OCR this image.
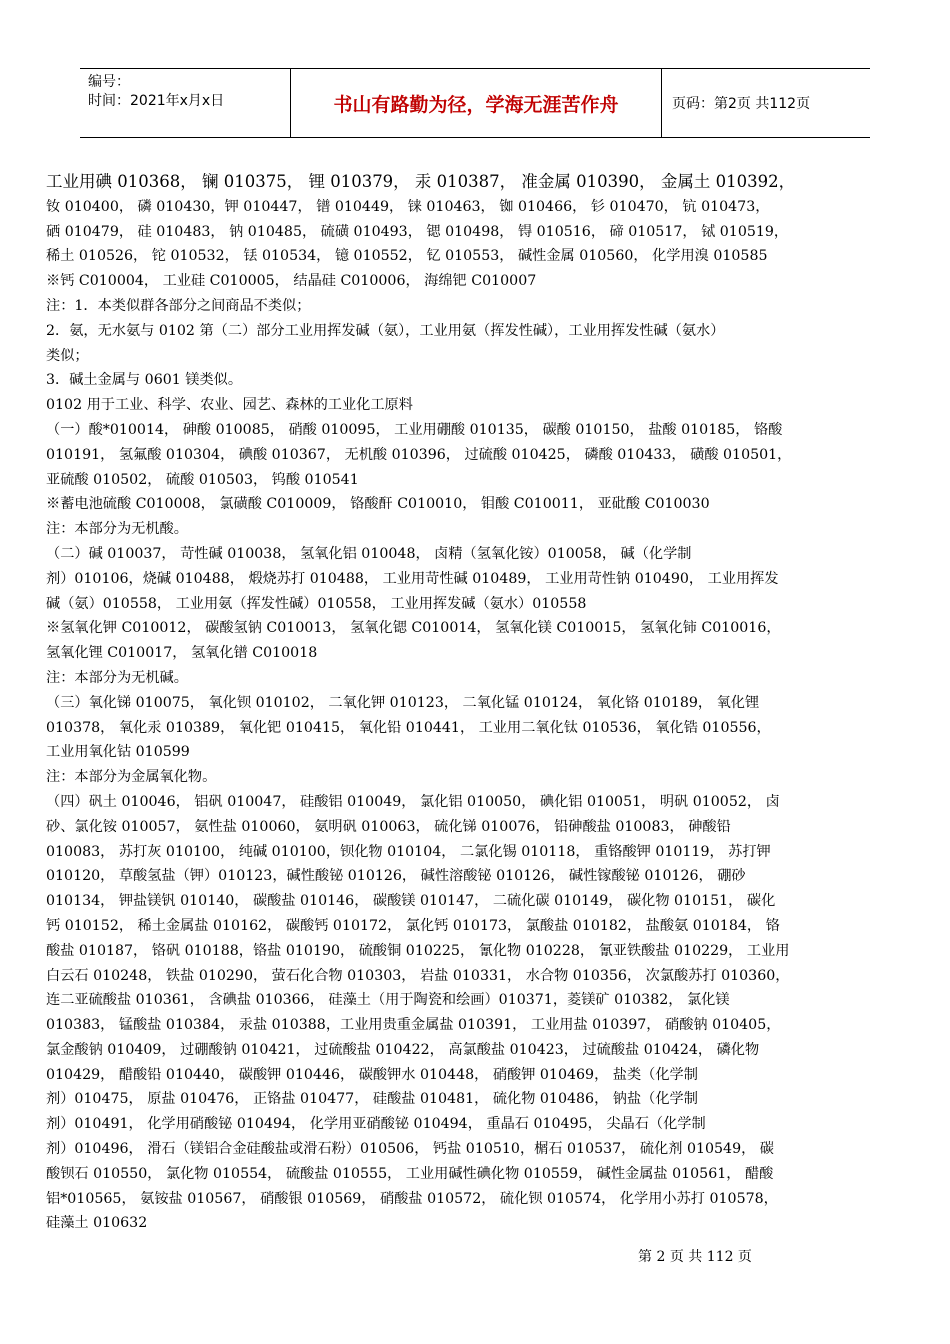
编号：
时间：2021年x月x日	书山有路勤为径，学海无涯苦作舟	页码：第2页 共112页
工业用碘 010368， 镧 010375， 锂 010379， 汞 010387， 准金属 010390， 金属土 010392，
钕 010400， 磷 010430，钾 010447， 镨 010449， 铼 010463， 铷 010466， 钐 010470， 钪 010473，
硒 010479， 硅 010483， 钠 010485， 硫磺 010493， 锶 010498， 锝 010516， 碲 010517， 铽 010519，
稀土 010526， 铊 010532， 铥 010534， 镱 010552， 钇 010553， 碱性金属 010560， 化学用溴 010585
※钙 C010004， 工业硅 C010005， 结晶硅 C010006， 海绵钯 C010007
注：1．本类似群各部分之间商品不类似；
2．氨，无水氨与 0102 第（二）部分工业用挥发碱（氨），工业用氨（挥发性碱），工业用挥发性碱（氨水）
类似；
3．碱土金属与 0601 镁类似。
0102 用于工业、科学、农业、园艺、森林的工业化工原料
（一）酸*010014， 砷酸 010085， 硝酸 010095， 工业用硼酸 010135， 碳酸 010150， 盐酸 010185， 铬酸
010191， 氢氟酸 010304， 碘酸 010367， 无机酸 010396， 过硫酸 010425， 磷酸 010433， 磺酸 010501，
亚硫酸 010502， 硫酸 010503， 钨酸 010541
※蓄电池硫酸 C010008， 氯磺酸 C010009， 铬酸酐 C010010， 钼酸 C010011， 亚砒酸 C010030
注：本部分为无机酸。
（二）碱 010037， 苛性碱 010038， 氢氧化铝 010048， 卤精（氢氧化铵）010058， 碱（化学制
剂）010106，烧碱 010488， 煅烧苏打 010488， 工业用苛性碱 010489， 工业用苛性钠 010490， 工业用挥发
碱（氨）010558， 工业用氨（挥发性碱）010558， 工业用挥发碱（氨水）010558
※氢氧化钾 C010012， 碳酸氢钠 C010013， 氢氧化锶 C010014， 氢氧化镁 C010015， 氢氧化铈 C010016，
氢氧化锂 C010017， 氢氧化镨 C010018
注：本部分为无机碱。
（三）氧化锑 010075， 氧化钡 010102， 二氧化钾 010123， 二氧化锰 010124， 氧化铬 010189， 氧化锂
010378， 氧化汞 010389， 氧化钯 010415， 氧化铅 010441， 工业用二氧化钛 010536， 氧化锆 010556，
工业用氧化钴 010599
注：本部分为金属氧化物。
（四）矾土 010046， 铝矾 010047， 硅酸铝 010049， 氯化铝 010050， 碘化铝 010051， 明矾 010052， 卤
砂、氯化铵 010057， 氨性盐 010060， 氨明矾 010063， 硫化锑 010076， 铅砷酸盐 010083， 砷酸铅
010083， 苏打灰 010100， 纯碱 010100，钡化物 010104， 二氯化锡 010118， 重铬酸钾 010119， 苏打钾
010120， 草酸氢盐（钾）010123，碱性酸铋 010126， 碱性溶酸铋 010126， 碱性镓酸铋 010126， 硼砂
010134， 钾盐镁钒 010140， 碳酸盐 010146， 碳酸镁 010147， 二硫化碳 010149， 碳化物 010151， 碳化
钙 010152， 稀土金属盐 010162， 碳酸钙 010172， 氯化钙 010173， 氯酸盐 010182， 盐酸氨 010184， 铬
酸盐 010187， 铬矾 010188，铬盐 010190， 硫酸铜 010225， 氰化物 010228， 氰亚铁酸盐 010229， 工业用
白云石 010248， 铁盐 010290， 萤石化合物 010303， 岩盐 010331， 水合物 010356， 次氯酸苏打 010360，
连二亚硫酸盐 010361， 含碘盐 010366， 硅藻土（用于陶瓷和绘画）010371，菱镁矿 010382， 氯化镁
010383， 锰酸盐 010384， 汞盐 010388，工业用贵重金属盐 010391， 工业用盐 010397， 硝酸钠 010405，
氯金酸钠 010409， 过硼酸钠 010421， 过硫酸盐 010422， 高氯酸盐 010423， 过硫酸盐 010424， 磷化物
010429， 醋酸铅 010440， 碳酸钾 010446， 碳酸钾水 010448， 硝酸钾 010469， 盐类（化学制
剂）010475， 原盐 010476， 正铬盐 010477， 硅酸盐 010481， 硫化物 010486， 钠盐（化学制
剂）010491， 化学用硝酸铋 010494， 化学用亚硝酸铋 010494， 重晶石 010495， 尖晶石（化学制
剂）010496， 滑石（镁铝合金硅酸盐或滑石粉）010506， 钙盐 010510，榍石 010537， 硫化剂 010549， 碳
酸钡石 010550， 氯化物 010554， 硫酸盐 010555， 工业用碱性碘化物 010559， 碱性金属盐 010561， 醋酸
铝*010565， 氨铵盐 010567， 硝酸银 010569， 硝酸盐 010572， 硫化钡 010574， 化学用小苏打 010578，
硅藻土 010632
第 2 页 共 112 页
